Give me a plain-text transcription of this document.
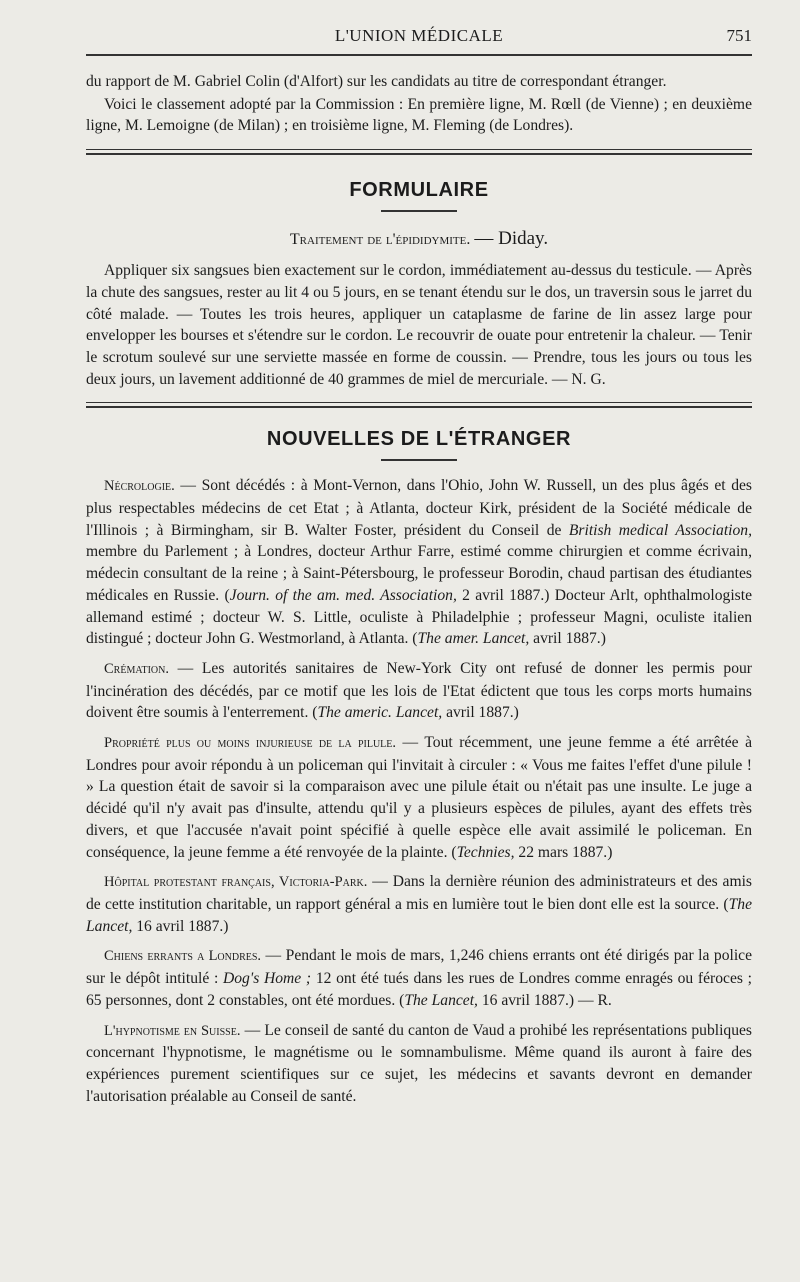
L'UNION MÉDICALE	751

du rapport de M. Gabriel Colin (d'Alfort) sur les candidats au titre de correspondant étranger.

Voici le classement adopté par la Commission : En première ligne, M. Rœll (de Vienne) ; en deuxième ligne, M. Lemoigne (de Milan) ; en troisième ligne, M. Fleming (de Londres).

FORMULAIRE
Traitement de l'épididymite. — Diday.

Appliquer six sangsues bien exactement sur le cordon, immédiatement au-dessus du testicule. — Après la chute des sangsues, rester au lit 4 ou 5 jours, en se tenant étendu sur le dos, un traversin sous le jarret du côté malade. — Toutes les trois heures, appliquer un cataplasme de farine de lin assez large pour envelopper les bourses et s'étendre sur le cordon. Le recouvrir de ouate pour entretenir la chaleur. — Tenir le scrotum soulevé sur une serviette massée en forme de coussin. — Prendre, tous les jours ou tous les deux jours, un lavement additionné de 40 grammes de miel de mercuriale. — N. G.

NOUVELLES DE L'ÉTRANGER

Nécrologie. — Sont décédés : à Mont-Vernon, dans l'Ohio, John W. Russell, un des plus âgés et des plus respectables médecins de cet Etat ; à Atlanta, docteur Kirk, président de la Société médicale de l'Illinois ; à Birmingham, sir B. Walter Foster, président du Conseil de British medical Association, membre du Parlement ; à Londres, docteur Arthur Farre, estimé comme chirurgien et comme écrivain, médecin consultant de la reine ; à Saint-Pétersbourg, le professeur Borodin, chaud partisan des étudiantes médicales en Russie. (Journ. of the am. med. Association, 2 avril 1887.) Docteur Arlt, ophthalmologiste allemand estimé ; docteur W. S. Little, oculiste à Philadelphie ; professeur Magni, oculiste italien distingué ; docteur John G. Westmorland, à Atlanta. (The amer. Lancet, avril 1887.)

Crémation. — Les autorités sanitaires de New-York City ont refusé de donner les permis pour l'incinération des décédés, par ce motif que les lois de l'Etat édictent que tous les corps morts humains doivent être soumis à l'enterrement. (The americ. Lancet, avril 1887.)

Propriété plus ou moins injurieuse de la pilule. — Tout récemment, une jeune femme a été arrêtée à Londres pour avoir répondu à un policeman qui l'invitait à circuler : « Vous me faites l'effet d'une pilule ! » La question était de savoir si la comparaison avec une pilule était ou n'était pas une insulte. Le juge a décidé qu'il n'y avait pas d'insulte, attendu qu'il y a plusieurs espèces de pilules, ayant des effets très divers, et que l'accusée n'avait point spécifié à quelle espèce elle avait assimilé le policeman. En conséquence, la jeune femme a été renvoyée de la plainte. (Technies, 22 mars 1887.)

Hôpital protestant français, Victoria-Park. — Dans la dernière réunion des administrateurs et des amis de cette institution charitable, un rapport général a mis en lumière tout le bien dont elle est la source. (The Lancet, 16 avril 1887.)

Chiens errants a Londres. — Pendant le mois de mars, 1,246 chiens errants ont été dirigés par la police sur le dépôt intitulé : Dog's Home ; 12 ont été tués dans les rues de Londres comme enragés ou féroces ; 65 personnes, dont 2 constables, ont été mordues. (The Lancet, 16 avril 1887.) — R.

L'hypnotisme en Suisse. — Le conseil de santé du canton de Vaud a prohibé les représentations publiques concernant l'hypnotisme, le magnétisme ou le somnambulisme. Même quand ils auront à faire des expériences purement scientifiques sur ce sujet, les médecins et savants devront en demander l'autorisation préalable au Conseil de santé.
